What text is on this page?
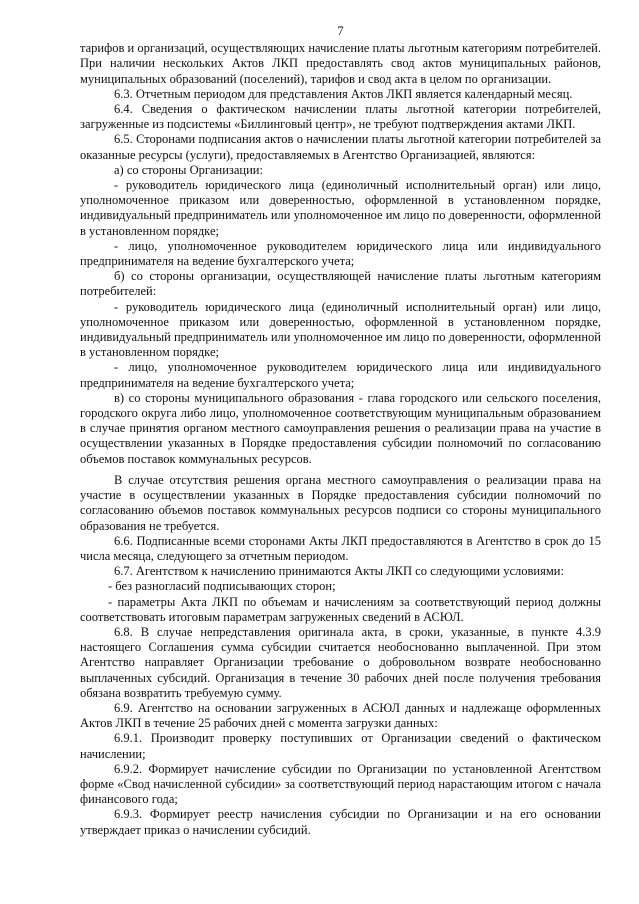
7

тарифов и организаций, осуществляющих начисление платы льготным категориям потребителей. При наличии нескольких Актов ЛКП предоставлять свод актов муниципальных районов, муниципальных образований (поселений), тарифов и свод акта в целом по организации.

6.3. Отчетным периодом для представления Актов ЛКП является календарный месяц.

6.4. Сведения о фактическом начислении платы льготной категории потребителей, загруженные из подсистемы «Биллинговый центр», не требуют подтверждения актами ЛКП.

6.5. Сторонами подписания актов о начислении платы льготной категории потребителей за оказанные ресурсы (услуги), предоставляемых в Агентство Организацией, являются:

а) со стороны Организации:

- руководитель юридического лица (единоличный исполнительный орган) или лицо, уполномоченное приказом или доверенностью, оформленной в установленном порядке, индивидуальный предприниматель или уполномоченное им лицо по доверенности, оформленной в установленном порядке;

- лицо, уполномоченное руководителем юридического лица или индивидуального предпринимателя на ведение бухгалтерского учета;

б) со стороны организации, осуществляющей начисление платы льготным категориям потребителей:

- руководитель юридического лица (единоличный исполнительный орган) или лицо, уполномоченное приказом или доверенностью, оформленной в установленном порядке, индивидуальный предприниматель или уполномоченное им лицо по доверенности, оформленной в установленном порядке;

- лицо, уполномоченное руководителем юридического лица или индивидуального предпринимателя на ведение бухгалтерского учета;

в) со стороны муниципального образования - глава городского или сельского поселения, городского округа либо лицо, уполномоченное соответствующим муниципальным образованием в случае принятия органом местного самоуправления решения о реализации права на участие в осуществлении указанных в Порядке предоставления субсидии полномочий по согласованию объемов поставок коммунальных ресурсов.

В случае отсутствия решения органа местного самоуправления о реализации права на участие в осуществлении указанных в Порядке предоставления субсидии полномочий по согласованию объемов поставок коммунальных ресурсов подписи со стороны муниципального образования не требуется.

6.6. Подписанные всеми сторонами Акты ЛКП предоставляются в Агентство в срок до 15 числа месяца, следующего за отчетным периодом.

6.7. Агентством к начислению принимаются Акты ЛКП со следующими условиями:

- без разногласий подписывающих сторон;

- параметры Акта ЛКП по объемам и начислениям за соответствующий период должны соответствовать итоговым параметрам загруженных сведений в АСЮЛ.

6.8. В случае непредставления оригинала акта, в сроки, указанные, в пункте 4.3.9 настоящего Соглашения сумма субсидии считается необоснованно выплаченной. При этом Агентство направляет Организации требование о добровольном возврате необоснованно выплаченных субсидий. Организация в течение 30 рабочих дней после получения требования обязана возвратить требуемую сумму.

6.9. Агентство на основании загруженных в АСЮЛ данных и надлежаще оформленных Актов ЛКП в течение 25 рабочих дней с момента загрузки данных:

6.9.1. Производит проверку поступивших от Организации сведений о фактическом начислении;

6.9.2. Формирует начисление субсидии по Организации по установленной Агентством форме «Свод начисленной субсидии» за соответствующий период нарастающим итогом с начала финансового года;

6.9.3. Формирует реестр начисления субсидии по Организации и на его основании утверждает приказ о начислении субсидий.
